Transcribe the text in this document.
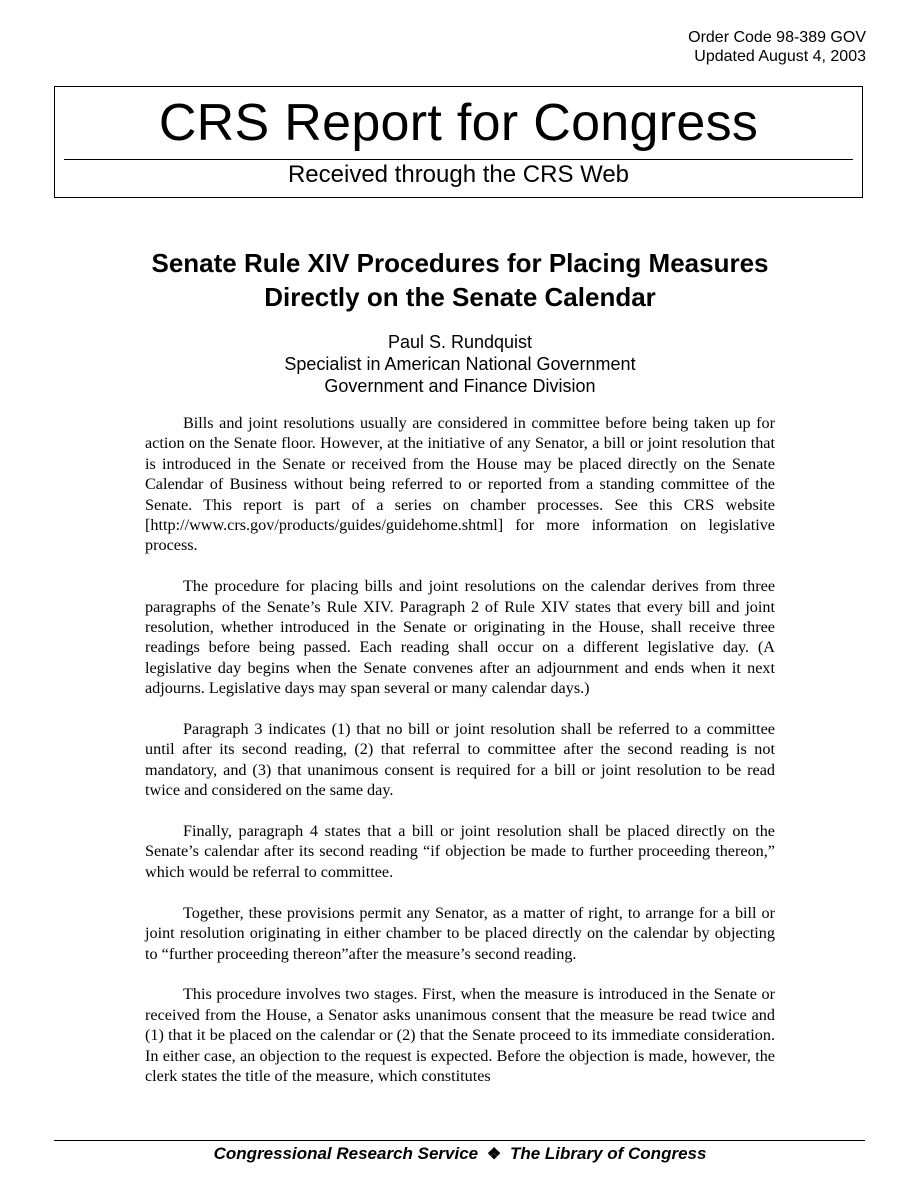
Order Code 98-389 GOV
Updated August 4, 2003
CRS Report for Congress
Received through the CRS Web
Senate Rule XIV Procedures for Placing Measures Directly on the Senate Calendar
Paul S. Rundquist
Specialist in American National Government
Government and Finance Division

Bills and joint resolutions usually are considered in committee before being taken up for action on the Senate floor. However, at the initiative of any Senator, a bill or joint resolution that is introduced in the Senate or received from the House may be placed directly on the Senate Calendar of Business without being referred to or reported from a standing committee of the Senate. This report is part of a series on chamber processes. See this CRS website [http://www.crs.gov/products/guides/guidehome.shtml] for more information on legislative process.

The procedure for placing bills and joint resolutions on the calendar derives from three paragraphs of the Senate’s Rule XIV. Paragraph 2 of Rule XIV states that every bill and joint resolution, whether introduced in the Senate or originating in the House, shall receive three readings before being passed. Each reading shall occur on a different legislative day. (A legislative day begins when the Senate convenes after an adjournment and ends when it next adjourns. Legislative days may span several or many calendar days.)

Paragraph 3 indicates (1) that no bill or joint resolution shall be referred to a committee until after its second reading, (2) that referral to committee after the second reading is not mandatory, and (3) that unanimous consent is required for a bill or joint resolution to be read twice and considered on the same day.

Finally, paragraph 4 states that a bill or joint resolution shall be placed directly on the Senate’s calendar after its second reading “if objection be made to further proceeding thereon,” which would be referral to committee.

Together, these provisions permit any Senator, as a matter of right, to arrange for a bill or joint resolution originating in either chamber to be placed directly on the calendar by objecting to “further proceeding thereon”after the measure’s second reading.

This procedure involves two stages. First, when the measure is introduced in the Senate or received from the House, a Senator asks unanimous consent that the measure be read twice and (1) that it be placed on the calendar or (2) that the Senate proceed to its immediate consideration. In either case, an objection to the request is expected. Before the objection is made, however, the clerk states the title of the measure, which constitutes

Congressional Research Service ❖ The Library of Congress
